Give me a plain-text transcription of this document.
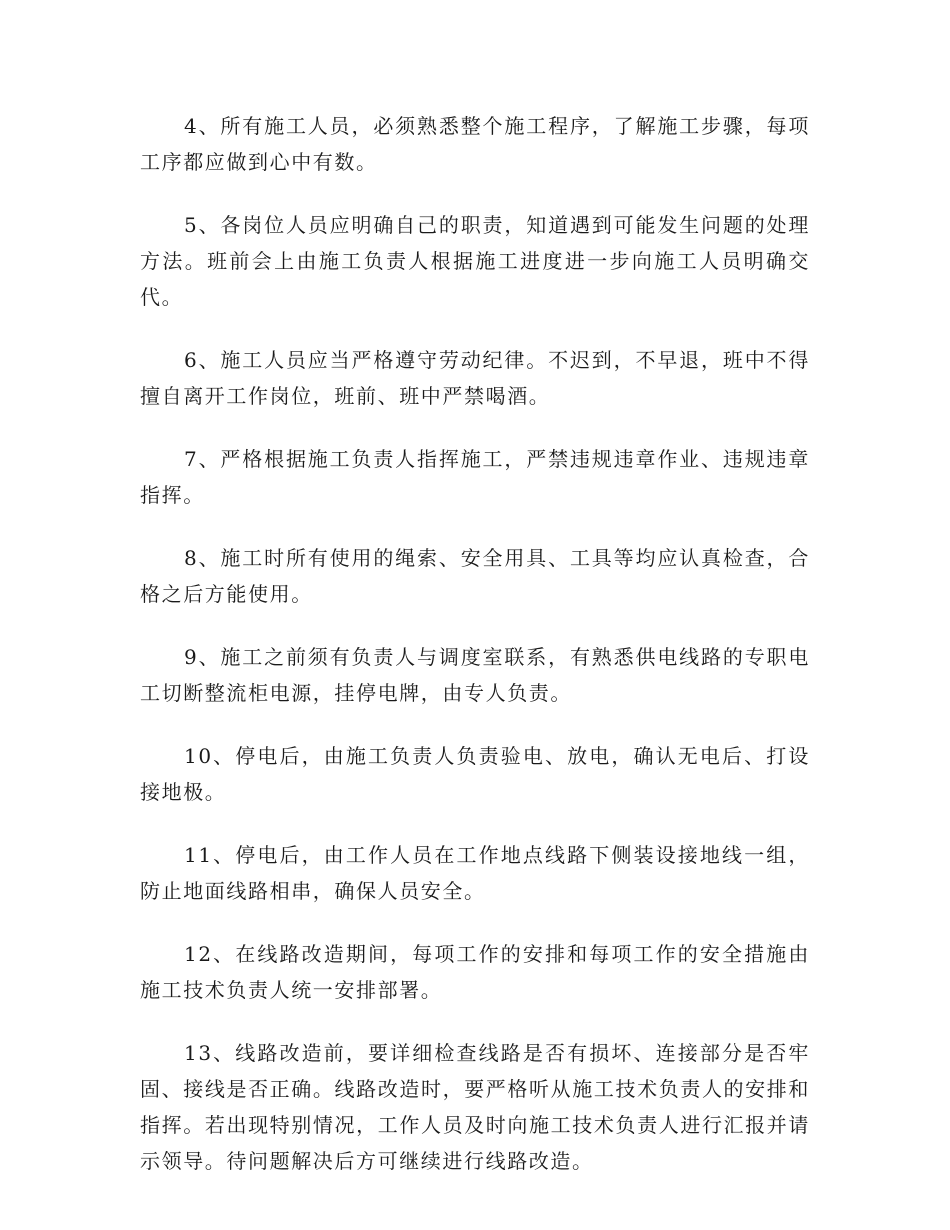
4、所有施工人员，必须熟悉整个施工程序，了解施工步骤，每项工序都应做到心中有数。

5、各岗位人员应明确自己的职责，知道遇到可能发生问题的处理方法。班前会上由施工负责人根据施工进度进一步向施工人员明确交代。

6、施工人员应当严格遵守劳动纪律。不迟到，不早退，班中不得擅自离开工作岗位，班前、班中严禁喝酒。

7、严格根据施工负责人指挥施工，严禁违规违章作业、违规违章指挥。

8、施工时所有使用的绳索、安全用具、工具等均应认真检查，合格之后方能使用。

9、施工之前须有负责人与调度室联系，有熟悉供电线路的专职电工切断整流柜电源，挂停电牌，由专人负责。

10、停电后，由施工负责人负责验电、放电，确认无电后、打设接地极。

11、停电后，由工作人员在工作地点线路下侧装设接地线一组，防止地面线路相串，确保人员安全。

12、在线路改造期间，每项工作的安排和每项工作的安全措施由施工技术负责人统一安排部署。

13、线路改造前，要详细检查线路是否有损坏、连接部分是否牢固、接线是否正确。线路改造时，要严格听从施工技术负责人的安排和指挥。若出现特别情况，工作人员及时向施工技术负责人进行汇报并请示领导。待问题解决后方可继续进行线路改造。
